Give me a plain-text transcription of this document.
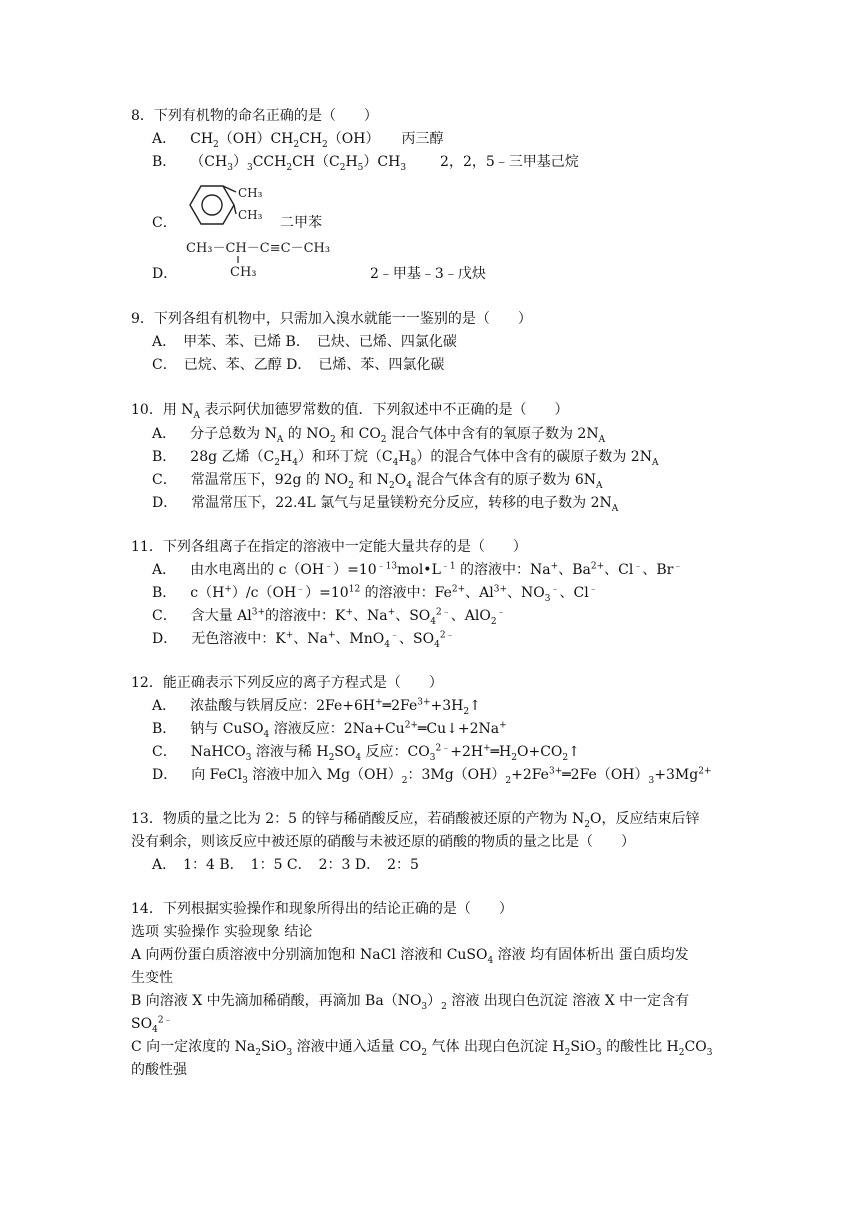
8．下列有机物的命名正确的是（　　）
A． $CH_2(OH)CH_2CH_2(OH)$ 丙三醇
B． $(CH_3)_3CCH_2CH(C_2H_5)CH_3$ 2，2，5﹣三甲基己烷
C．
CH₃
CH₃ 二甲苯
CH₃－CH－C≡C－CH₃
CH₃
D．	2﹣甲基﹣3﹣戊炔
9．下列各组有机物中，只需加入溴水就能一一鉴别的是（　　）
A．　甲苯、苯、已烯 B．　已炔、已烯、四氯化碳
C．　已烷、苯、乙醇 D．　已烯、苯、四氯化碳
10．用 $N_A$ 表示阿伏加德罗常数的值．下列叙述中不正确的是（　　）
A． 分子总数为 $N_A$ 的 $NO_2$ 和 $CO_2$ 混合气体中含有的氧原子数为 $2N_A$
B． 28g 乙烯$(C_2H_4)$和环丁烷$(C_4H_8)$的混合气体中含有的碳原子数为 $2N_A$
C． 常温常压下，92g 的 $NO_2$ 和 $N_2O_4$ 混合气体含有的原子数为 $6N_A$
D． 常温常压下，22.4L 氯气与足量镁粉充分反应，转移的电子数为 $2N_A$
11．下列各组离子在指定的溶液中一定能大量共存的是（　　）
A． 由水电离出的 $c(OH^﹣)=10^{﹣13}mol•L^{﹣1}$ 的溶液中：Na+、$Ba^{2+}$、Cl﹣、Br﹣
B． $c(H^+)/c(OH^﹣)=10^{12}$ 的溶液中：$Fe^{2+}$、$Al^{3+}$、$NO_3^﹣$、Cl﹣
C． 含大量 $Al^{3+}$的溶液中：K+、Na+、$SO_4^{2﹣}$、AlO$_2$﹣
D． 无色溶液中：K+、Na+、MnO$_4$﹣、$SO_4^{2﹣}$
12．能正确表示下列反应的离子方程式是（　　）
A． 浓盐酸与铁屑反应：$2Fe+6H^+═2Fe^{3+}+3H_2↑$
B． 钠与 CuSO$_4$ 溶液反应：$2Na+Cu^{2+}═Cu↓+2Na^+$
C． NaHCO$_3$ 溶液与稀 $H_2SO_4$ 反应：$CO_3^{2﹣}+2H^+═H_2O+CO_2↑$
D． 向 FeCl$_3$ 溶液中加入 $Mg(OH)_2$：$3Mg(OH)_2+2Fe^{3+}═2Fe(OH)_3+3Mg^{2+}$
13．物质的量之比为 2：5 的锌与稀硝酸反应，若硝酸被还原的产物为 $N_2O$，反应结束后锌
没有剩余，则该反应中被还原的硝酸与未被还原的硝酸的物质的量之比是（　　）
A．　1：4 B．　1：5 C．　2：3 D．　2：5
14．下列根据实验操作和现象所得出的结论正确的是（　　）
选项 实验操作 实验现象 结论
A 向两份蛋白质溶液中分别滴加饱和 NaCl 溶液和 CuSO$_4$ 溶液 均有固体析出 蛋白质均发
生变性
B 向溶液 X 中先滴加稀硝酸，再滴加 $Ba(NO_3)_2$ 溶液 出现白色沉淀 溶液 X 中一定含有
$SO_4^{2﹣}$
C 向一定浓度的 $Na_2SiO_3$ 溶液中通入适量 $CO_2$ 气体 出现白色沉淀 $H_2SiO_3$ 的酸性比 $H_2CO_3$
的酸性强
